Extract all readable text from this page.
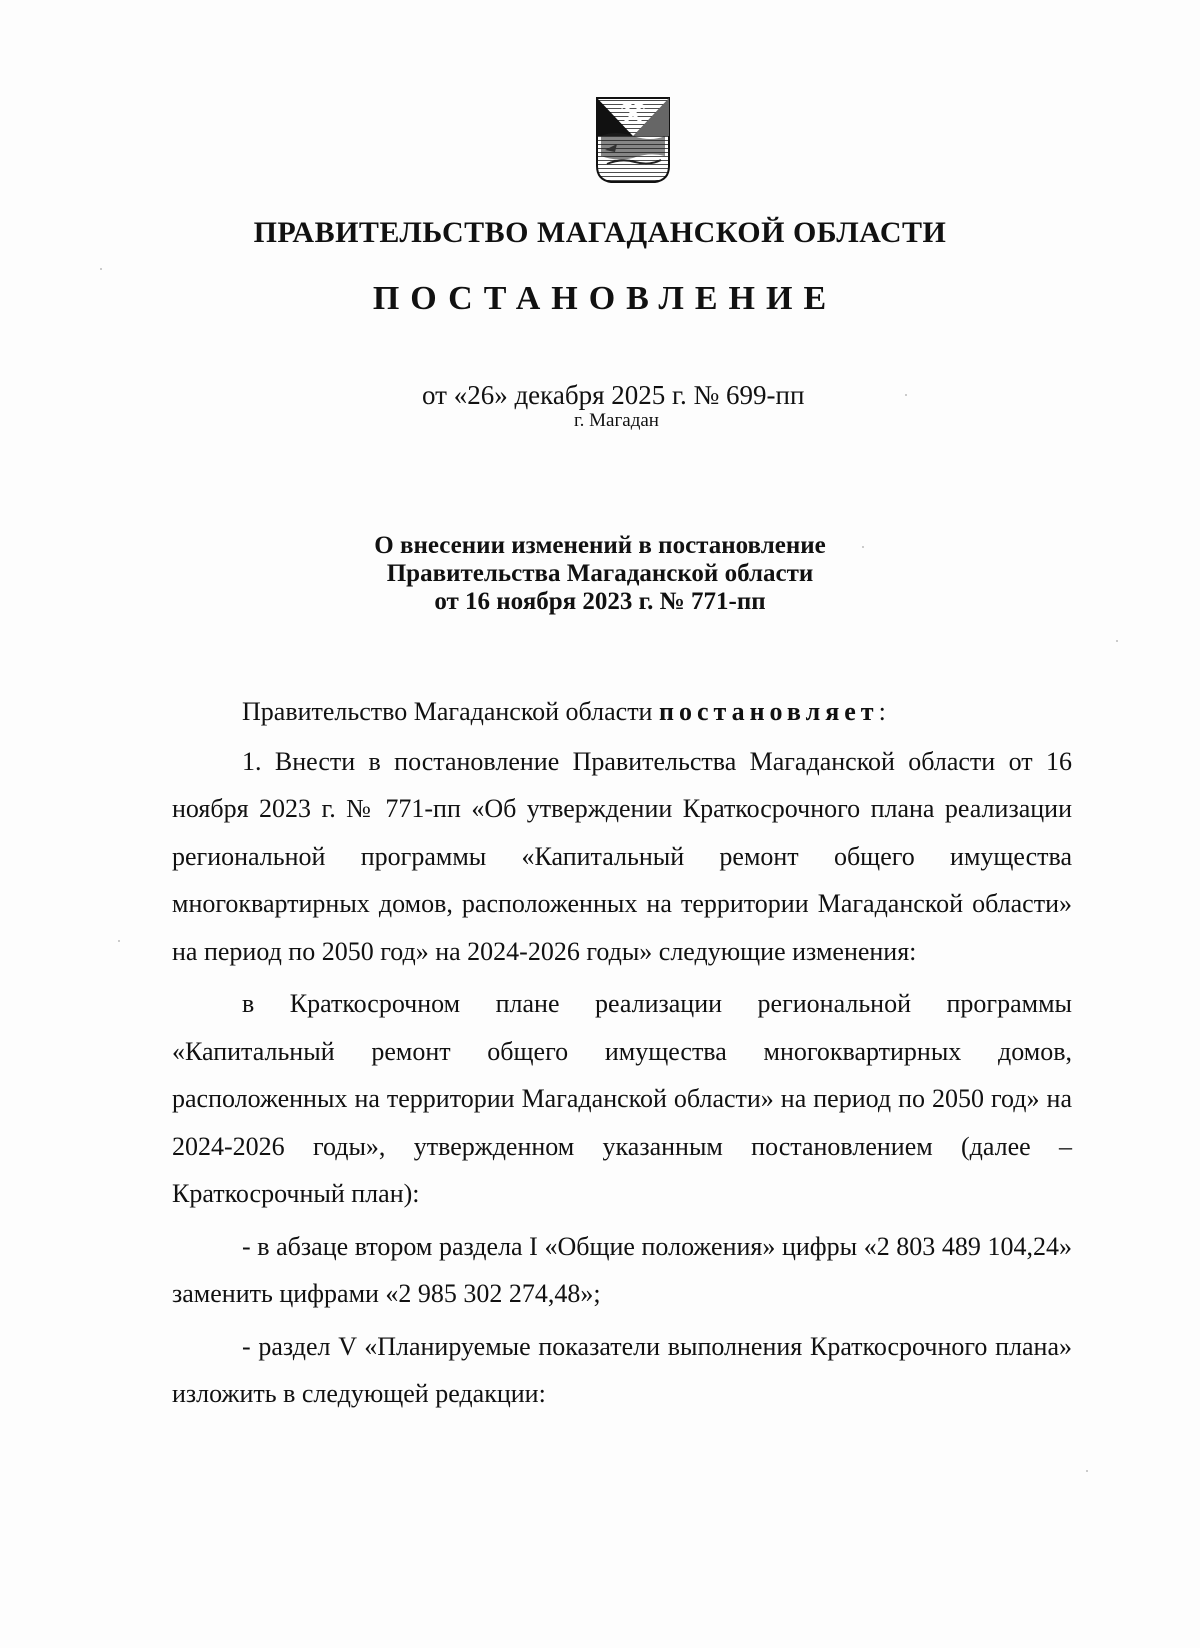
ПРАВИТЕЛЬСТВО МАГАДАНСКОЙ ОБЛАСТИ
ПОСТАНОВЛЕНИЕ
от «26» декабря 2025 г. № 699-пп
г. Магадан
О внесении изменений в постановление
Правительства Магаданской области
от 16 ноября 2023 г. № 771-пп

Правительство Магаданской области постановляет:

1. Внести в постановление Правительства Магаданской области от 16 ноября 2023 г. № 771-пп «Об утверждении Краткосрочного плана реализации региональной программы «Капитальный ремонт общего имущества многоквартирных домов, расположенных на территории Магаданской области» на период по 2050 год» на 2024-2026 годы» следующие изменения:

в Краткосрочном плане реализации региональной программы «Капитальный ремонт общего имущества многоквартирных домов, расположенных на территории Магаданской области» на период по 2050 год» на 2024-2026 годы», утвержденном указанным постановлением (далее – Краткосрочный план):

- в абзаце втором раздела I «Общие положения» цифры «2 803 489 104,24» заменить цифрами «2 985 302 274,48»;

- раздел V «Планируемые показатели выполнения Краткосрочного плана» изложить в следующей редакции:
